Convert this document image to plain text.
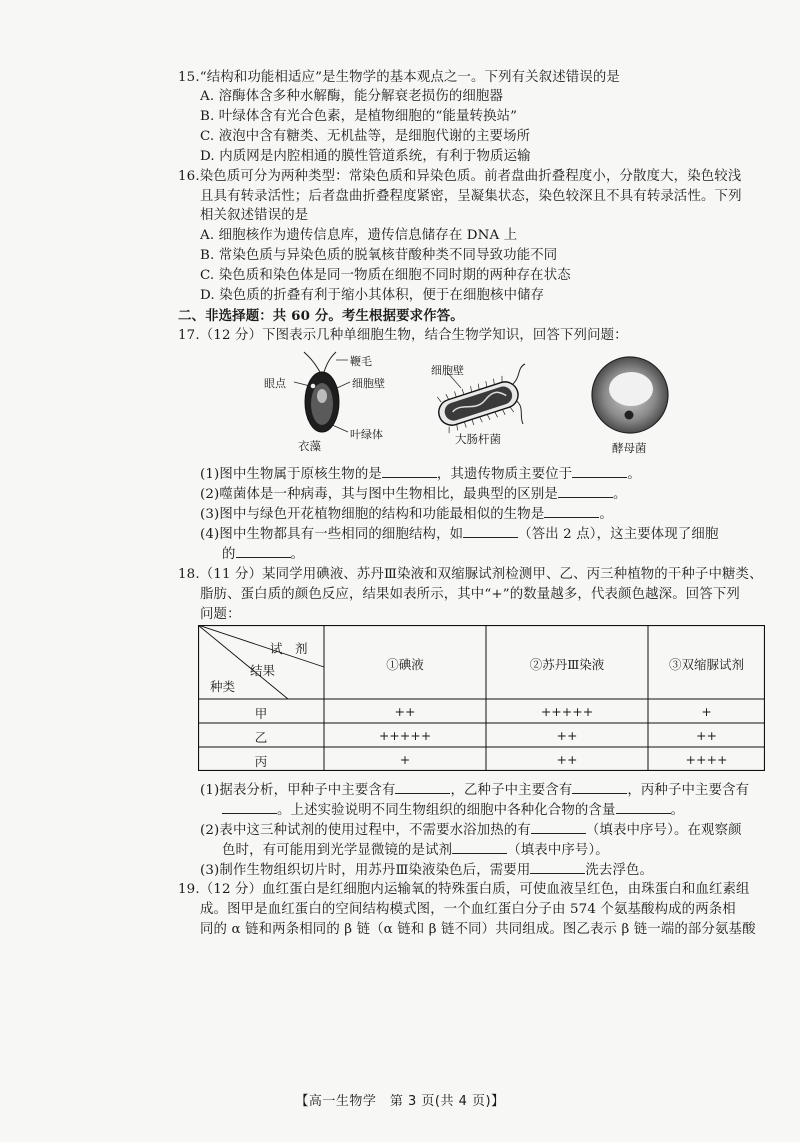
15.“结构和功能相适应”是生物学的基本观点之一。下列有关叙述错误的是
A. 溶酶体含多种水解酶，能分解衰老损伤的细胞器
B. 叶绿体含有光合色素，是植物细胞的“能量转换站”
C. 液泡中含有糖类、无机盐等，是细胞代谢的主要场所
D. 内质网是内腔相通的膜性管道系统，有利于物质运输
16.染色质可分为两种类型：常染色质和异染色质。前者盘曲折叠程度小，分散度大，染色较浅
且具有转录活性；后者盘曲折叠程度紧密，呈凝集状态，染色较深且不具有转录活性。下列
相关叙述错误的是
A. 细胞核作为遗传信息库，遗传信息储存在 DNA 上
B. 常染色质与异染色质的脱氧核苷酸种类不同导致功能不同
C. 染色质和染色体是同一物质在细胞不同时期的两种存在状态
D. 染色质的折叠有利于缩小其体积，便于在细胞核中储存
二、非选择题：共 60 分。考生根据要求作答。
17.（12 分）下图表示几种单细胞生物，结合生物学知识，回答下列问题：
鞭毛
眼点	细胞壁
叶绿体
衣藻
细胞壁
大肠杆菌
酵母菌
(1)图中生物属于原核生物的是	，其遗传物质主要位于	。
(2)噬菌体是一种病毒，其与图中生物相比，最典型的区别是	。
(3)图中与绿色开花植物细胞的结构和功能最相似的生物是	。
(4)图中生物都具有一些相同的细胞结构，如	（答出 2 点），这主要体现了细胞
的	。
18.（11 分）某同学用碘液、苏丹Ⅲ染液和双缩脲试剂检测甲、乙、丙三种植物的干种子中糖类、
脂肪、蛋白质的颜色反应，结果如表所示，其中“+”的数量越多，代表颜色越深。回答下列
问题：
试　剂
结果
种类
①碘液	②苏丹Ⅲ染液	③双缩脲试剂
甲	++	+++++	+
乙	+++++	++	++
丙	+	++	++++
(1)据表分析，甲种子中主要含有	，乙种子中主要含有	，丙种子中主要含有
。上述实验说明不同生物组织的细胞中各种化合物的含量	。
(2)表中这三种试剂的使用过程中，不需要水浴加热的有	（填表中序号）。在观察颜
色时，有可能用到光学显微镜的是试剂	（填表中序号）。
(3)制作生物组织切片时，用苏丹Ⅲ染液染色后，需要用	洗去浮色。
19.（12 分）血红蛋白是红细胞内运输氧的特殊蛋白质，可使血液呈红色，由珠蛋白和血红素组
成。图甲是血红蛋白的空间结构模式图，一个血红蛋白分子由 574 个氨基酸构成的两条相
同的 α 链和两条相同的 β 链（α 链和 β 链不同）共同组成。图乙表示 β 链一端的部分氨基酸
【高一生物学　第 3 页(共 4 页)】
